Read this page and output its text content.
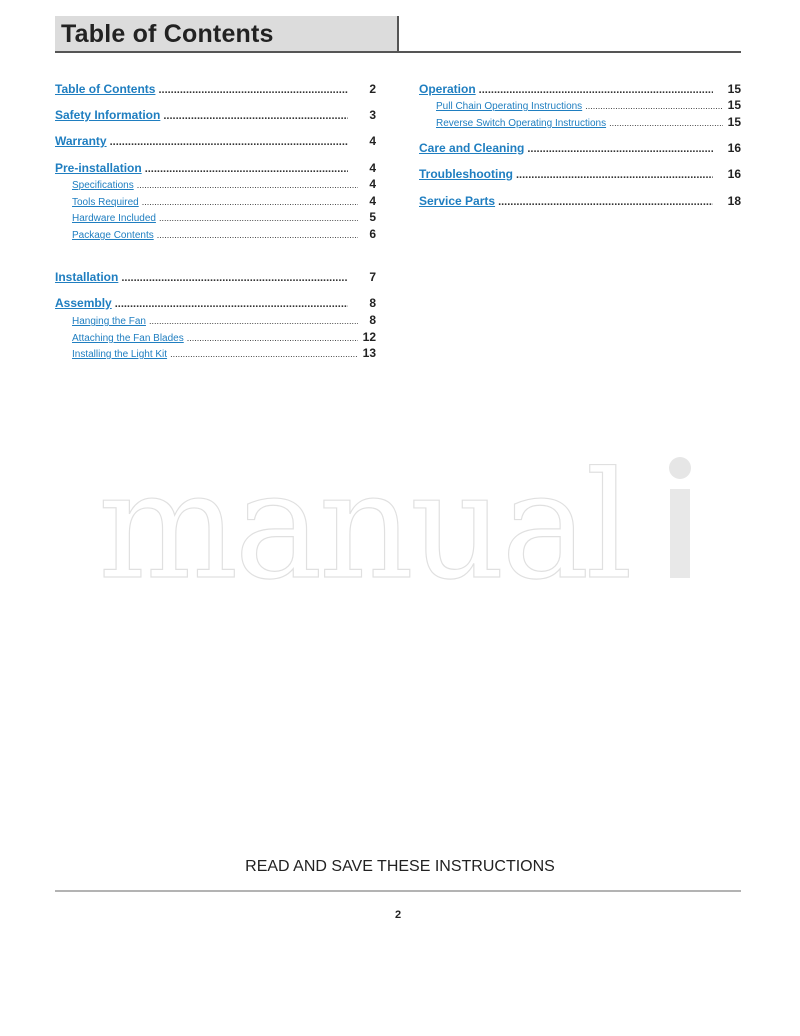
Table of Contents
Table of Contents .....	2
Safety Information .....	3
Warranty .....	4
Pre-installation .....	4
Specifications .....	4
Tools Required .....	4
Hardware Included .....	5
Package Contents .....	6
Installation .....	7
Assembly .....	8
Hanging the Fan .....	8
Attaching the Fan Blades .....	12
Installing the Light Kit .....	13
Operation .....	15
Pull Chain Operating Instructions .....	15
Reverse Switch Operating Instructions .....	15
Care and Cleaning .....	16
Troubleshooting .....	16
Service Parts .....	18
manual
READ AND SAVE THESE INSTRUCTIONS
2
